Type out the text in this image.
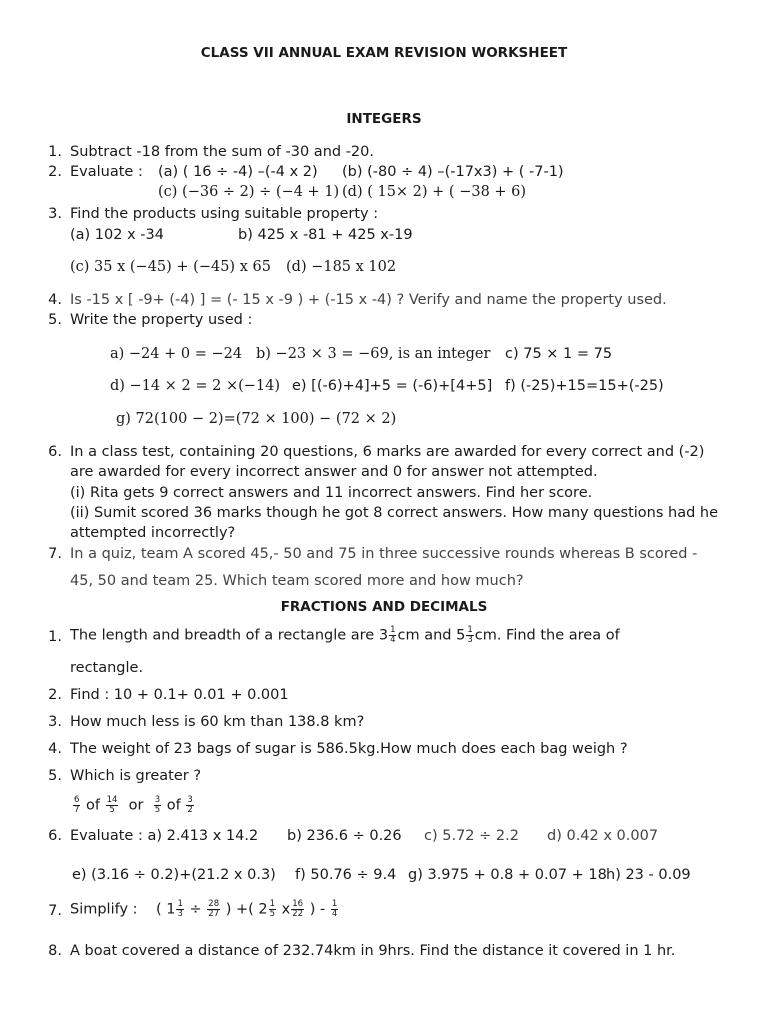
CLASS VII ANNUAL EXAM REVISION WORKSHEET
INTEGERS
1. Subtract -18 from the sum of -30 and -20.
2. Evaluate : (a) ( 16 ÷ -4) –(-4 x 2) (b) (-80 ÷ 4) –(-17x3) + ( -7-1)
(c) (−36 ÷ 2) ÷ (−4 + 1) (d) ( 15× 2) + ( −38 + 6)
3. Find the products using suitable property :
(a) 102 x -34	b) 425 x -81 + 425 x-19
(c) 35 x (−45) + (−45) x 65 (d) −185 x 102
4. Is -15 x [ -9+ (-4) ] = (- 15 x -9 ) + (-15 x -4) ? Verify and name the property used.
5. Write the property used :
a) −24 + 0 = −24 b) −23 × 3 = −69, is an integer c) 75 × 1 = 75
d) −14 × 2 = 2 ×(−14) e) [(-6)+4]+5 = (-6)+[4+5] f) (-25)+15=15+(-25)
g) 72(100 − 2)=(72 × 100) − (72 × 2)
6. In a class test, containing 20 questions, 6 marks are awarded for every correct and (-2)
are awarded for every incorrect answer and 0 for answer not attempted.
(i) Rita gets 9 correct answers and 11 incorrect answers. Find her score.
(ii) Sumit scored 36 marks though he got 8 correct answers. How many questions had he
attempted incorrectly?
7. In a quiz, team A scored 45,- 50 and 75 in three successive rounds whereas B scored -
45, 50 and team 25. Which team scored more and how much?
FRACTIONS AND DECIMALS
1. The length and breadth of a rectangle are $3 \frac{1}{4}$ cm and $5 \frac{1}{3}$ cm. Find the area of
rectangle.
2. Find : 10 + 0.1+ 0.01 + 0.001
3. How much less is 60 km than 138.8 km?
4. The weight of 23 bags of sugar is 586.5kg.How much does each bag weigh ?
5. Which is greater ?
$\frac{6}{7}$ of $\frac{14}{5}$ or $\frac{3}{5}$ of $\frac{3}{2}$
6. Evaluate : a) 2.413 x 14.2 b) 236.6 ÷ 0.26 c) 5.72 ÷ 2.2 d) 0.42 x 0.007
e) (3.16 ÷ 0.2)+(21.2 x 0.3) f) 50.76 ÷ 9.4 g) 3.975 + 0.8 + 0.07 + 18 h) 23 - 0.09
7. Simplify : ( $1 \frac{1}{3} \div \frac{28}{27}$ ) +( $2 \frac{1}{5}$ x $\frac{16}{22}$ ) - $\frac{1}{4}$
8. A boat covered a distance of 232.74km in 9hrs. Find the distance it covered in 1 hr.
